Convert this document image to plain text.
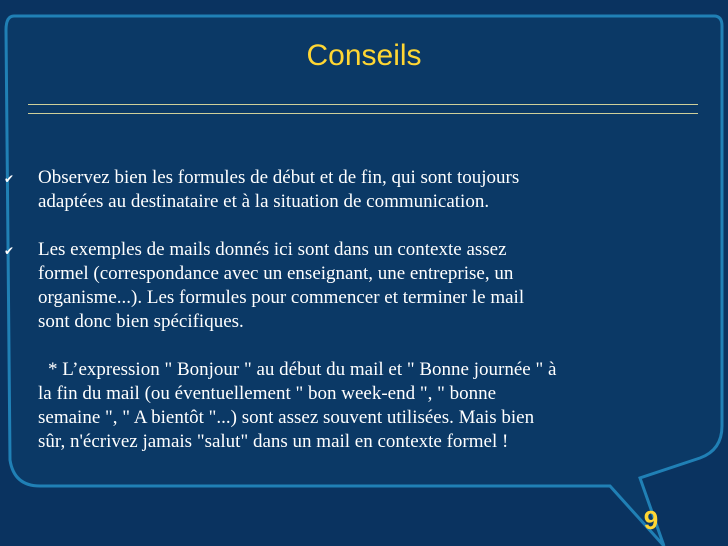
Conseils
✔ Observez bien les formules de début et de fin, qui sont toujours
adaptées au destinataire et à la situation de communication.
✔ Les exemples de mails donnés ici sont dans un contexte assez
formel (correspondance avec un enseignant, une entreprise, un
organisme...). Les formules pour commencer et terminer le mail
sont donc bien spécifiques.
* L’expression " Bonjour " au début du mail et " Bonne journée " à
la fin du mail (ou éventuellement " bon week-end ", " bonne
semaine ", " A bientôt "...) sont assez souvent utilisées. Mais bien
sûr, n'écrivez jamais "salut" dans un mail en contexte formel !
9
